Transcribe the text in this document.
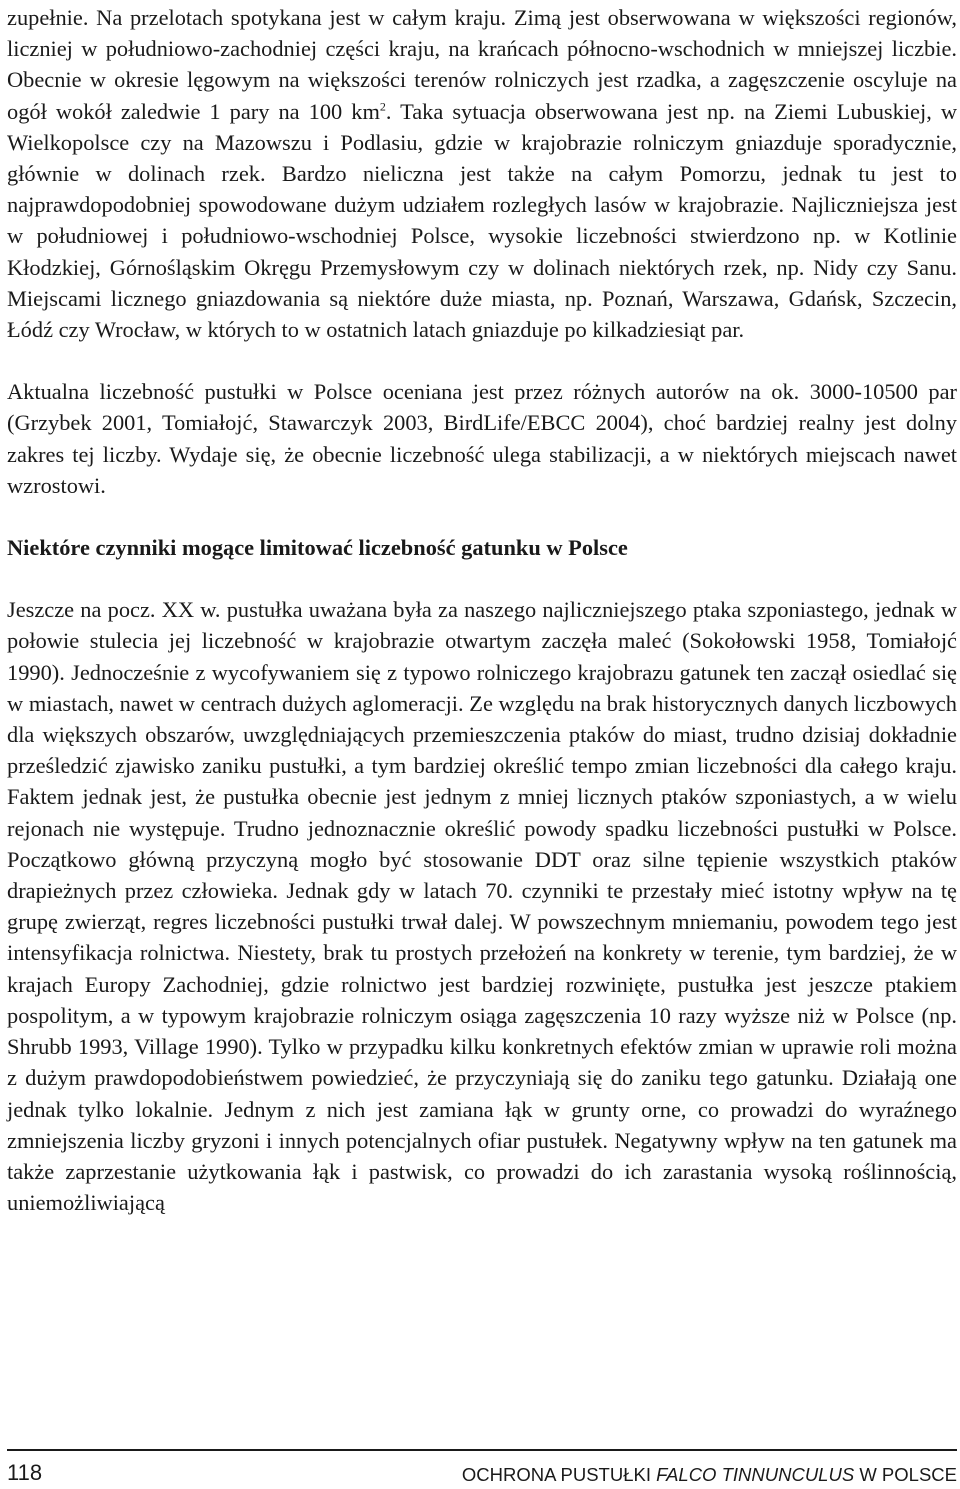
zupełnie. Na przelotach spotykana jest w całym kraju. Zimą jest obserwowana w większości regionów, liczniej w południowo-zachodniej części kraju, na krańcach północno-wschodnich w mniejszej liczbie. Obecnie w okresie lęgowym na większości terenów rolniczych jest rzadka, a zagęszczenie oscyluje na ogół wokół zaledwie 1 pary na 100 $km^2$. Taka sytuacja obserwowana jest np. na Ziemi Lubuskiej, w Wielkopolsce czy na Mazowszu i Podlasiu, gdzie w krajobrazie rolniczym gniazduje sporadycznie, głównie w dolinach rzek. Bardzo nieliczna jest także na całym Pomorzu, jednak tu jest to najprawdopodobniej spowodowane dużym udziałem rozległych lasów w krajobrazie. Najliczniejsza jest w południowej i południowo-wschodniej Polsce, wysokie liczebności stwierdzono np. w Kotlinie Kłodzkiej, Górnośląskim Okręgu Przemysłowym czy w dolinach niektórych rzek, np. Nidy czy Sanu. Miejscami licznego gniazdowania są niektóre duże miasta, np. Poznań, Warszawa, Gdańsk, Szczecin, Łódź czy Wrocław, w których to w ostatnich latach gniazduje po kilkadziesiąt par.

Aktualna liczebność pustułki w Polsce oceniana jest przez różnych autorów na ok. 3000-10500 par (Grzybek 2001, Tomiałojć, Stawarczyk 2003, BirdLife/EBCC 2004), choć bardziej realny jest dolny zakres tej liczby. Wydaje się, że obecnie liczebność ulega stabilizacji, a w niektórych miejscach nawet wzrostowi.

Niektóre czynniki mogące limitować liczebność gatunku w Polsce

Jeszcze na pocz. XX w. pustułka uważana była za naszego najliczniejszego ptaka szponiastego, jednak w połowie stulecia jej liczebność w krajobrazie otwartym zaczęła maleć (Sokołowski 1958, Tomiałojć 1990). Jednocześnie z wycofywaniem się z typowo rolniczego krajobrazu gatunek ten zaczął osiedlać się w miastach, nawet w centrach dużych aglomeracji. Ze względu na brak historycznych danych liczbowych dla większych obszarów, uwzględniających przemieszczenia ptaków do miast, trudno dzisiaj dokładnie prześledzić zjawisko zaniku pustułki, a tym bardziej określić tempo zmian liczebności dla całego kraju. Faktem jednak jest, że pustułka obecnie jest jednym z mniej licznych ptaków szponiastych, a w wielu rejonach nie występuje. Trudno jednoznacznie określić powody spadku liczebności pustułki w Polsce. Początkowo główną przyczyną mogło być stosowanie DDT oraz silne tępienie wszystkich ptaków drapieżnych przez człowieka. Jednak gdy w latach 70. czynniki te przestały mieć istotny wpływ na tę grupę zwierząt, regres liczebności pustułki trwał dalej. W powszechnym mniemaniu, powodem tego jest intensyfikacja rolnictwa. Niestety, brak tu prostych przełożeń na konkrety w terenie, tym bardziej, że w krajach Europy Zachodniej, gdzie rolnictwo jest bardziej rozwinięte, pustułka jest jeszcze ptakiem pospolitym, a w typowym krajobrazie rolniczym osiąga zagęszczenia 10 razy wyższe niż w Polsce (np. Shrubb 1993, Village 1990). Tylko w przypadku kilku konkretnych efektów zmian w uprawie roli można z dużym prawdopodobieństwem powiedzieć, że przyczyniają się do zaniku tego gatunku. Działają one jednak tylko lokalnie. Jednym z nich jest zamiana łąk w grunty orne, co prowadzi do wyraźnego zmniejszenia liczby gryzoni i innych potencjalnych ofiar pustułek. Negatywny wpływ na ten gatunek ma także zaprzestanie użytkowania łąk i pastwisk, co prowadzi do ich zarastania wysoką roślinnością, uniemożliwiającą

118	OCHRONA PUSTUŁKI FALCO TINNUNCULUS W POLSCE
